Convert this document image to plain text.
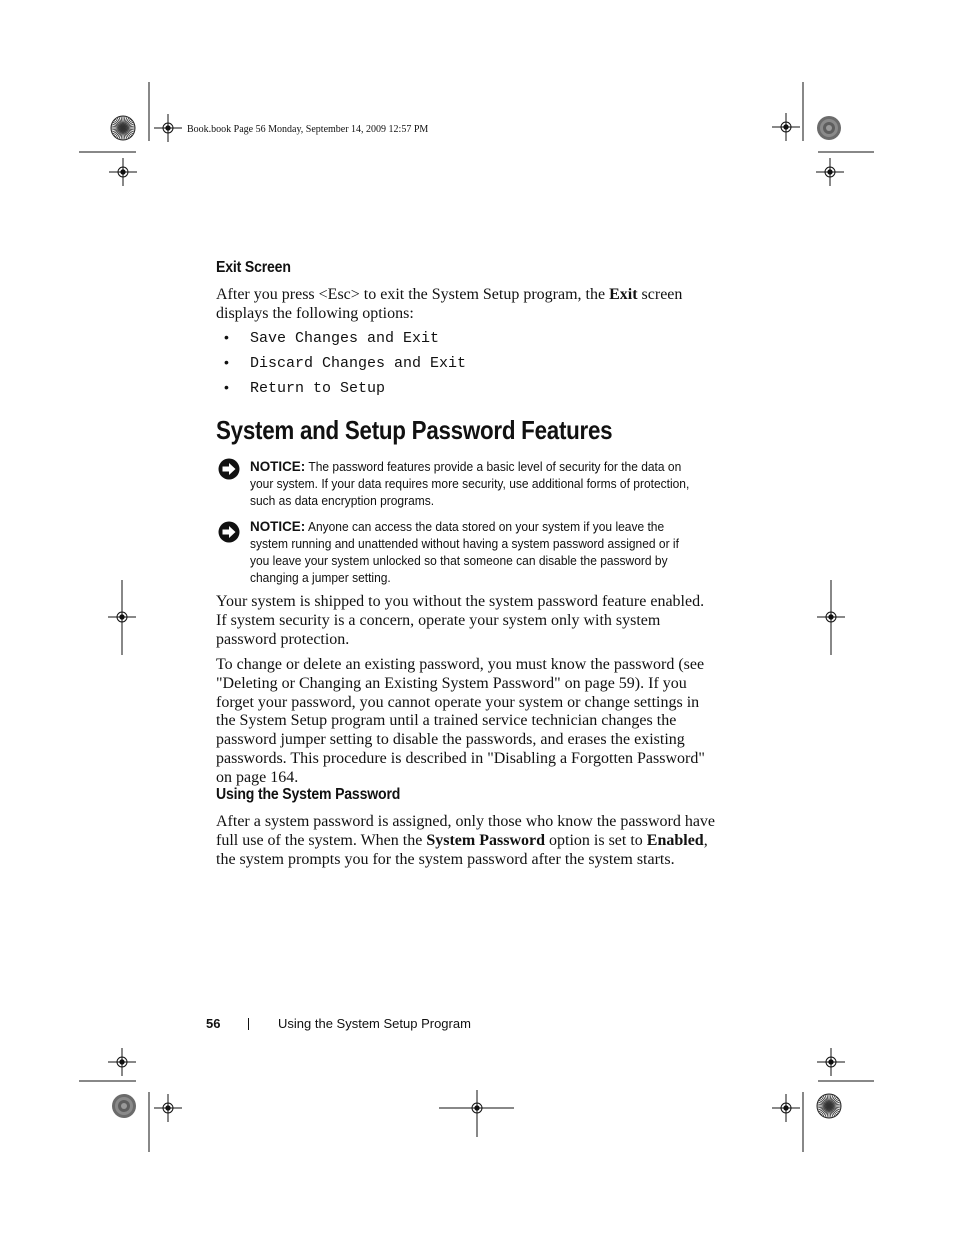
Book.book Page 56 Monday, September 14, 2009 12:57 PM
Exit Screen
After you press <Esc> to exit the System Setup program, the Exit screen displays the following options:
• Save Changes and Exit
• Discard Changes and Exit
• Return to Setup
System and Setup Password Features
NOTICE: The password features provide a basic level of security for the data on your system. If your data requires more security, use additional forms of protection, such as data encryption programs.
NOTICE: Anyone can access the data stored on your system if you leave the system running and unattended without having a system password assigned or if you leave your system unlocked so that someone can disable the password by changing a jumper setting.
Your system is shipped to you without the system password feature enabled. If system security is a concern, operate your system only with system password protection.
To change or delete an existing password, you must know the password (see "Deleting or Changing an Existing System Password" on page 59). If you forget your password, you cannot operate your system or change settings in the System Setup program until a trained service technician changes the password jumper setting to disable the passwords, and erases the existing passwords. This procedure is described in "Disabling a Forgotten Password" on page 164.
Using the System Password
After a system password is assigned, only those who know the password have full use of the system. When the System Password option is set to Enabled, the system prompts you for the system password after the system starts.
56	Using the System Setup Program
